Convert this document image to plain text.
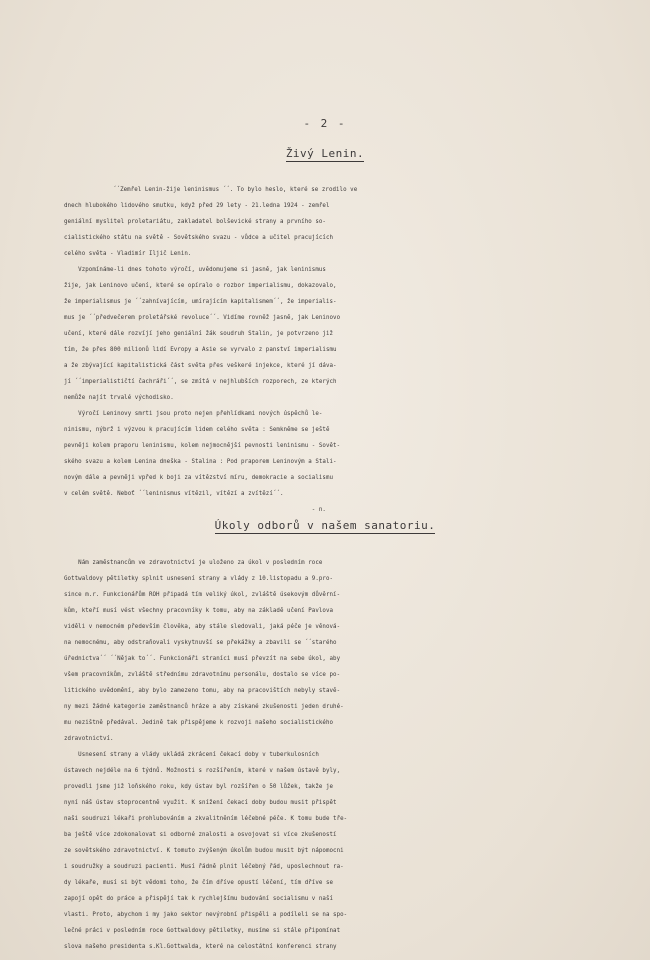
- 2 -
Živý Lenin.
´´Zemřel Lenin-žije leninismus ´´. To bylo heslo, které se zrodilo ve
dnech hlubokého lidového smutku, když před 29 lety - 21.ledna 1924 - zemřel
geniální myslitel proletariátu, zakladatel bolševické strany a prvního so-
cialistického státu na světě - Sovětského svazu - vůdce a učitel pracujících
celého světa - Vladimír Iljič Lenin.
Vzpomínáme-li dnes tohoto výročí, uvědomujeme si jasně, jak leninismus
žije, jak Leninovo učení, které se opíralo o rozbor imperialismu, dokazovalo,
že imperialismus je ´´zahnívajícím, umírajícím kapitalismem´´, že imperialis-
mus je ´´předvečerem proletářské revoluce´´. Vidíme rovněž jasně, jak Leninovo
učení, které dále rozvíjí jeho geniální žák soudruh Stalin, je potvrzeno již
tím, že přes 800 milionů lidí Evropy a Asie se vyrvalo z panství imperialismu
a že zbývající kapitalistická část světa přes veškeré injekce, které jí dáva-
jí ´´imperialističtí čachráři´´, se zmítá v nejhlubších rozporech, ze kterých
nemůže najít trvalé východisko.
Výročí Leninovy smrti jsou proto nejen přehlídkami nových úspěchů le-
ninismu, nýbrž i výzvou k pracujícím lidem celého světa : Semkněme se ještě
pevněji kolem praporu leninismu, kolem nejmocnější pevnosti leninismu - Sovět-
ského svazu a kolem Lenina dneška - Stalina : Pod praporem Leninovým a Stali-
novým dále a pevněji vpřed k boji za vítězství míru, demokracie a socialismu
v celém světě. Neboť ´´leninismus vítězil, vítězí a zvítězí´´.
- n.
Úkoly odborů v našem sanatoriu.
Nám zaměstnancům ve zdravotnictví je uloženo za úkol v posledním roce
Gottwaldovy pětiletky splnit usnesení strany a vlády z 10.listopadu a 9.pro-
since m.r. Funkcionářům ROH připadá tím veliký úkol, zvláště úsekovým důvěrní-
kům, kteří musí vést všechny pracovníky k tomu, aby na základě učení Pavlova
viděli v nemocném především člověka, aby stále sledovali, jaká péče je věnová-
na nemocnému, aby odstraňovali vyskytnuvší se překážky a zbavili se ´´starého
úřednictva´´ ´´Nějak to´´. Funkcionáři straníci musí převzít na sebe úkol, aby
všem pracovníkům, zvláště střednímu zdravotnímu personálu, dostalo se více po-
litického uvědomění, aby bylo zamezeno tomu, aby na pracovištích nebyly stavě-
ny mezi žádné kategorie zaměstnanců hráze a aby získané zkušenosti jeden druhé-
mu nezištně předával. Jedině tak přispějeme k rozvoji našeho socialistického
zdravotnictví.
Usnesení strany a vlády ukládá zkrácení čekací doby v tuberkulosních
ústavech nejdéle na 6 týdnů. Možnosti s rozšířením, které v našem ústavě byly,
provedli jsme již loňského roku, kdy ústav byl rozšířen o 50 lůžek, takže je
nyní náš ústav stoprocentně využit. K snížení čekací doby budou musit přispět
naši soudruzi lékaři prohlubováním a zkvalitněním léčebné péče. K tomu bude tře-
ba ještě více zdokonalovat si odborné znalosti a osvojovat si více zkušeností
ze sovětského zdravotnictví. K tomuto zvýšeným úkolům budou musit být nápomocni
i soudružky a soudruzi pacienti. Musí řádně plnit léčebný řád, uposlechnout ra-
dy lékaře, musí si být vědomi toho, že čím dříve opustí léčení, tím dříve se
zapojí opět do práce a přispějí tak k rychlejšímu budování socialismu v naší
vlasti. Proto, abychom i my jako sektor nevýrobní přispěli a podíleli se na spo-
lečné práci v posledním roce Gottwaldovy pětiletky, musíme si stále připomínat
slova našeho presidenta s.Kl.Gottwalda, které na celostátní konferenci strany
